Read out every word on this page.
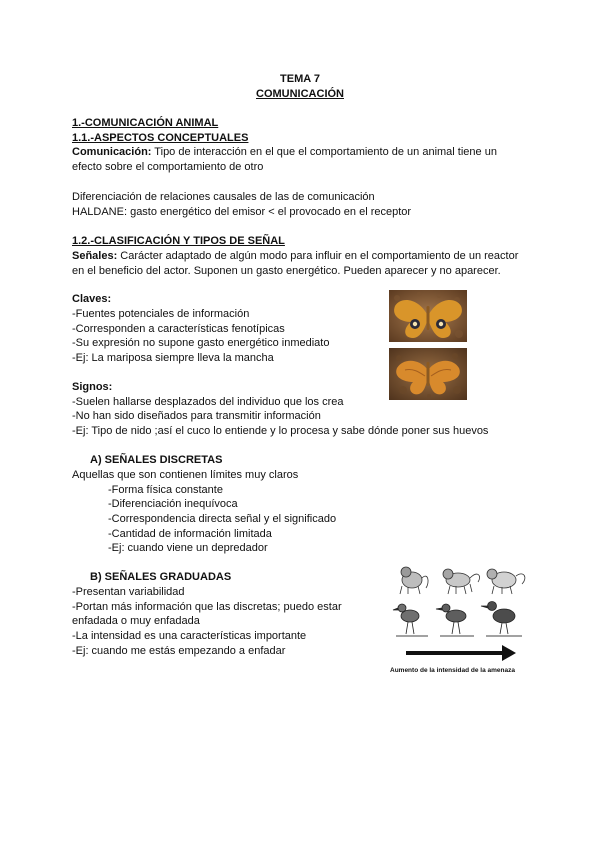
TEMA 7
COMUNICACIÓN
1.-COMUNICACIÓN ANIMAL
1.1.-ASPECTOS CONCEPTUALES
Comunicación: Tipo de interacción en el que el comportamiento de un animal tiene un
efecto sobre el comportamiento de otro
Diferenciación de relaciones causales de las de comunicación
HALDANE: gasto energético del emisor < el provocado en el receptor
1.2.-CLASIFICACIÓN Y TIPOS DE SEÑAL
Señales: Carácter adaptado de algún modo para influir en el comportamiento de un reactor
en el beneficio del actor. Suponen un gasto energético. Pueden aparecer y no aparecer.
Claves:
-Fuentes potenciales de información
-Corresponden a características fenotípicas
-Su expresión no supone gasto energético inmediato
-Ej: La mariposa siempre lleva la mancha
Signos:
-Suelen hallarse desplazados del individuo que los crea
-No han sido diseñados para transmitir información
-Ej: Tipo de nido ;así el cuco lo entiende y lo procesa y sabe dónde poner sus huevos
A) SEÑALES DISCRETAS
Aquellas que son contienen límites muy claros
-Forma física constante
-Diferenciación inequívoca
-Correspondencia directa señal y el significado
-Cantidad de información limitada
-Ej: cuando viene un depredador
B) SEÑALES GRADUADAS
-Presentan variabilidad
-Portan más información que las discretas; puedo estar
enfadada o muy enfadada
-La intensidad es una características importante
-Ej: cuando me estás empezando a enfadar
Aumento de la intensidad de la amenaza
